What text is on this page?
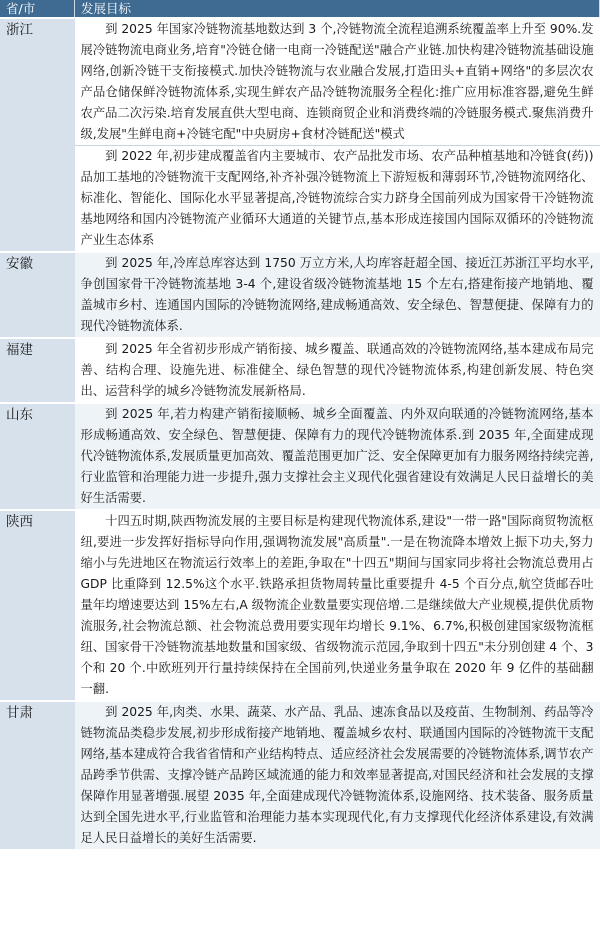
省/市	发展目标
浙江	到 2025 年国家冷链物流基地数达到 3 个,冷链物流全流程追溯系统覆盖率上升至 90%.发展冷链物流电商业务,培育"冷链仓储一电商一冷链配送"融合产业链.加快构建冷链物流基础设施网络,创新冷链干支衔接模式.加快冷链物流与农业融合发展,打造田头+直销+网络"的多层次农产品仓储保鲜冷链物流体系,实现生鲜农产品冷链物流服务全程化:推广应用标准容器,避免生鲜农产品二次污染.培育发展直供大型电商、连锁商贸企业和消费终端的冷链服务模式.聚焦消费升级,发展"生鲜电商+冷链宅配"中央厨房+食材冷链配送"模式
	到 2022 年,初步建成覆盖省内主要城市、农产品批发市场、农产品种植基地和冷链食(药))品加工基地的冷链物流干支配网络,补齐补强冷链物流上下游短板和薄弱环节,冷链物流网络化、标准化、智能化、国际化水平显著提高,冷链物流综合实力跻身全国前列成为国家骨干冷链物流基地网络和国内冷链物流产业循环大通道的关键节点,基本形成连接国内国际双循环的冷链物流产业生态体系
安徽	到 2025 年,冷库总库容达到 1750 万立方米,人均库容赶超全国、接近江苏浙江平均水平,争创国家骨干冷链物流基地 3-4 个,建设省级冷链物流基地 15 个左右,搭建衔接产地销地、覆盖城市乡村、连通国内国际的冷链物流网络,建成畅通高效、安全绿色、智慧便捷、保障有力的现代冷链物流体系.
福建	到 2025 年全省初步形成产销衔接、城乡覆盖、联通高效的冷链物流网络,基本建成布局完善、结构合理、设施先进、标准健全、绿色智慧的现代冷链物流体系,构建创新发展、特色突出、运营科学的城乡冷链物流发展新格局.
山东	到 2025 年,若力构建产销衔接顺畅、城乡全面覆盖、内外双向联通的冷链物流网络,基本形成畅通高效、安全绿色、智慧便捷、保障有力的现代冷链物流体系.到 2035 年,全面建成现代冷链物流体系,发展质量更加高效、覆盖范围更加广泛、安全保障更加有力服务网络持续完善,行业监管和治理能力进一步提升,强力支撑社会主义现代化强省建设有效满足人民日益增长的美好生活需要.
陕西	十四五时期,陕西物流发展的主要目标是构建现代物流体系,建设"一带一路"国际商贸物流枢纽,要进一步发挥好指标导向作用,强调物流发展"高质量".一是在物流降本增效上振下功夫,努力缩小与先进地区在物流运行效率上的差距,争取在"十四五"期间与国家同步将社会物流总费用占 GDP 比重降到 12.5%这个水平.铁路承担货物周转量比重要提升 4-5 个百分点,航空货邮吞吐量年均增速要达到 15%左右,A 级物流企业数量要实现倍增.二是继续做大产业规模,提供优质物流服务,社会物流总额、社会物流总费用要实现年均增长 9.1%、6.7%,积极创建国家级物流框纽、国家骨干冷链物流基地数量和国家级、省级物流示范园,争取到十四五"未分别创建 4 个、3 个和 20 个.中欧班列开行量持续保持在全国前列,快递业务量争取在 2020 年 9 亿件的基础翻一翻.
甘肃	到 2025 年,肉类、水果、蔬菜、水产品、乳品、速冻食品以及疫苗、生物制剂、药品等冷链物流品类稳步发展,初步形成衔接产地销地、覆盖城乡农村、联通国内国际的冷链物流干支配网络,基本建成符合我省省情和产业结构特点、适应经济社会发展需要的冷链物流体系,调节农产品跨季节供需、支撑冷链产品跨区域流通的能力和效率显著提高,对国民经济和社会发展的支撑保障作用显著增强.展望 2035 年,全面建成现代冷链物流体系,设施网络、技术装备、服务质量达到全国先进水平,行业监管和治理能力基本实现现代化,有力支撑现代化经济体系建设,有效满足人民日益增长的美好生活需要.
